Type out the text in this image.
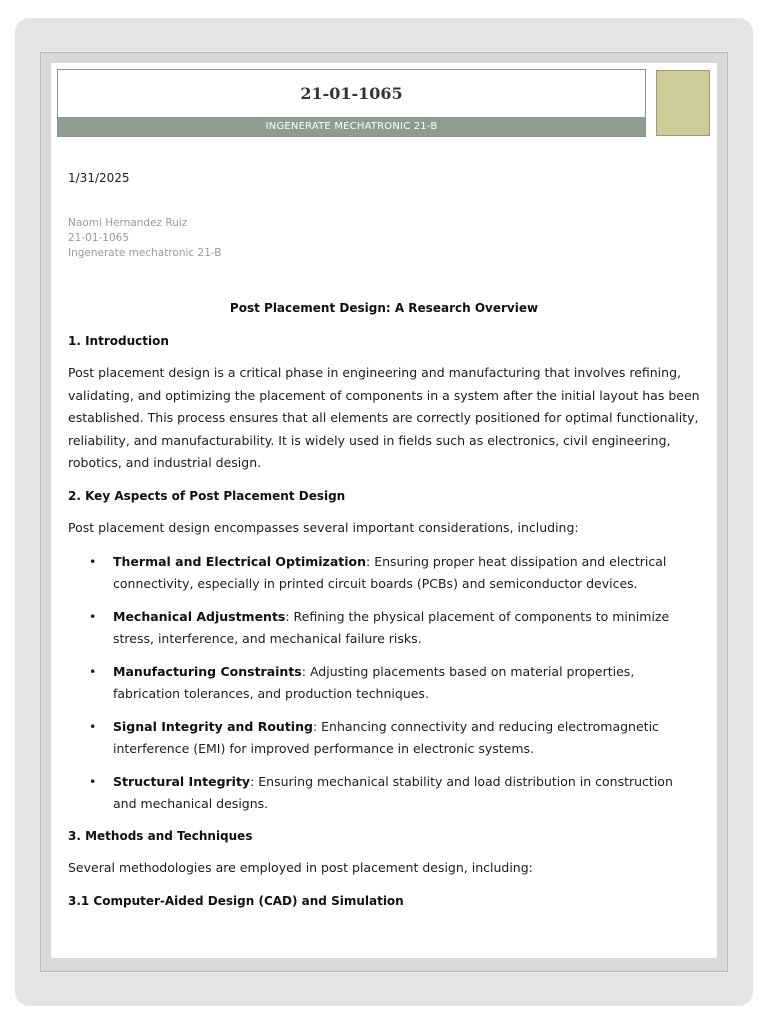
21-01-1065
INGENERATE MECHATRONIC 21-B
1/31/2025
Naomi Hernandez Ruiz
21-01-1065
Ingenerate mechatronic 21-B
Post Placement Design: A Research Overview
1. Introduction
Post placement design is a critical phase in engineering and manufacturing that involves refining, validating, and optimizing the placement of components in a system after the initial layout has been established. This process ensures that all elements are correctly positioned for optimal functionality, reliability, and manufacturability. It is widely used in fields such as electronics, civil engineering, robotics, and industrial design.
2. Key Aspects of Post Placement Design
Post placement design encompasses several important considerations, including:
• Thermal and Electrical Optimization: Ensuring proper heat dissipation and electrical connectivity, especially in printed circuit boards (PCBs) and semiconductor devices.
• Mechanical Adjustments: Refining the physical placement of components to minimize stress, interference, and mechanical failure risks.
• Manufacturing Constraints: Adjusting placements based on material properties, fabrication tolerances, and production techniques.
• Signal Integrity and Routing: Enhancing connectivity and reducing electromagnetic interference (EMI) for improved performance in electronic systems.
• Structural Integrity: Ensuring mechanical stability and load distribution in construction and mechanical designs.
3. Methods and Techniques
Several methodologies are employed in post placement design, including:
3.1 Computer-Aided Design (CAD) and Simulation
